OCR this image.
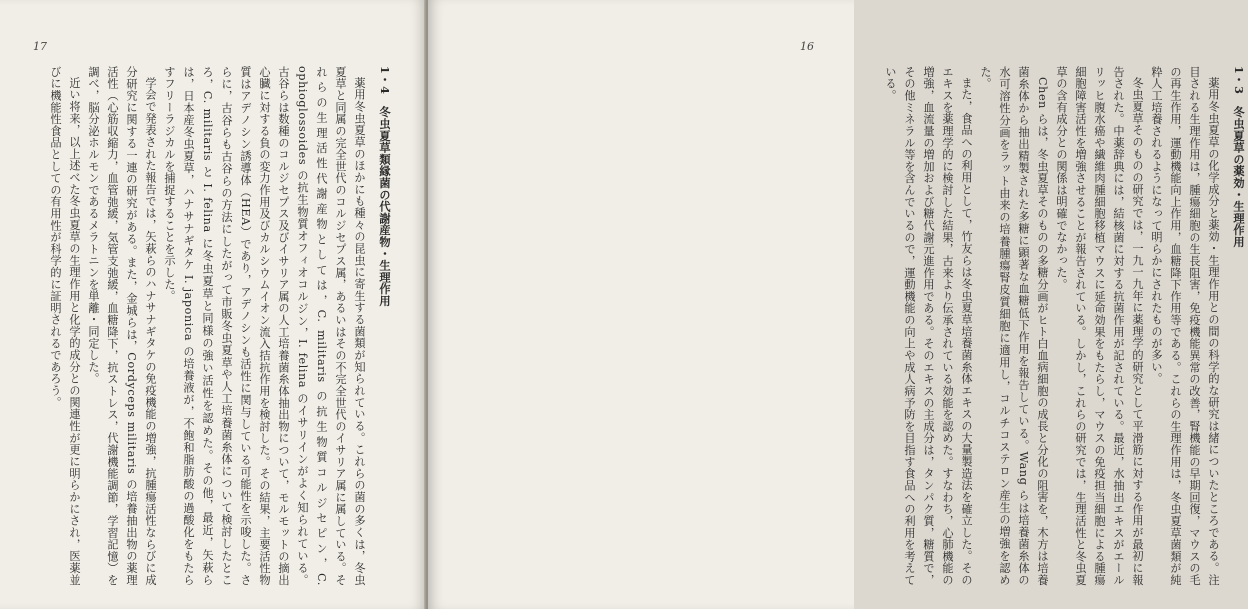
17
1・4　冬虫夏草類縁菌の代謝産物・生理作用

薬用冬虫夏草のほかにも種々の昆虫に寄生する菌類が知られている。これらの菌の多くは，冬虫夏草と同属の完全世代のコルジセプス属，あるいはその不完全世代のイサリア属に属している。それらの生理活性代謝産物としては，C. militaris の抗生物質コルジセピン，C. ophioglossoides の抗生物質オフィオコルジン，I. felina のイサリインがよく知られている。古谷らは数種のコルジセプス及びイサリア属の人工培養菌糸体抽出物について，モルモットの摘出心臓に対する負の変力作用及びカルシウムイオン流入拮抗作用を検討した。その結果，主要活性物質はアデノシン誘導体（HEA）であり，アデノシンも活性に関与している可能性を示唆した。さらに，古谷らも古谷らの方法にしたがって市販冬虫夏草や人工培養菌糸体について検討したところ，C. militaris と I. felina に冬虫夏草と同様の強い活性を認めた。その他，最近，矢萩らは，日本産冬虫夏草，ハナサナギタケ I. japonica の培養液が，不飽和脂肪酸の過酸化をもたらすフリーラジカルを捕捉することを示した。

学会で発表された報告では，矢萩らのハナサナギタケの免疫機能の増強，抗腫瘍活性ならびに成分研究に関する一連の研究がある。また，金城らは，Cordyceps militaris の培養抽出物の薬理活性（心筋収縮力，血管弛緩，気管支弛緩，血糖降下，抗ストレス，代謝機能調節，学習記憶）を調べ，脳分泌ホルモンであるメラトニンを単離・同定した。

近い将来，以上述べた冬虫夏草の生理作用と化学的成分との関連性が更に明らかにされ，医薬並びに機能性食品としての有用性が科学的に証明されるであろう。

16
1・3　冬虫夏草の薬効・生理作用

薬用冬虫夏草の化学成分と薬効・生理作用との間の科学的な研究は緒についたところである。注目される生理作用は，腫瘍細胞の生長阻害，免疫機能異常の改善，腎機能の早期回復，マウスの毛の再生作用，運動機能向上作用，血糖降下作用等である。これらの生理作用は，冬虫夏草菌類が純粋人工培養されるようになって明らかにされたものが多い。

冬虫夏草そのものの研究では，一九一九年に薬理学的研究として平滑筋に対する作用が最初に報告された。中薬辞典には，結核菌に対する抗菌作用が記されている。最近，水抽出エキスがエールリッヒ腹水癌や繊維肉腫細胞移植マウスに延命効果をもたらし，マウスの免疫担当細胞による腫瘍細胞障害活性を増強させることが報告されている。しかし，これらの研究では，生理活性と冬虫夏草の含有成分との関係は明確でなかった。

Chen らは，冬虫夏草そのものの多糖分画がヒト白血病細胞の成長と分化の阻害を，木方は培養菌糸体から抽出精製された多糖に顕著な血糖低下作用を報告している。Wang らは培養菌糸体の水可溶性分画をラット由来の培養腫瘍腎皮質細胞に適用し，コルチコステロン産生の増強を認めた。

また，食品への利用として，竹友らは冬虫夏草培養菌糸体エキスの大量製造法を確立した。そのエキスを薬理学的に検討した結果，古来より伝承されている効能を認めた。すなわち，心肺機能の増強，血流量の増加および糖代謝元進作用である。そのエキスの主成分は，タンパク質，糖質で，その他ミネラル等を含んでいるので，運動機能の向上や成人病予防を目指す食品への利用を考えている。
